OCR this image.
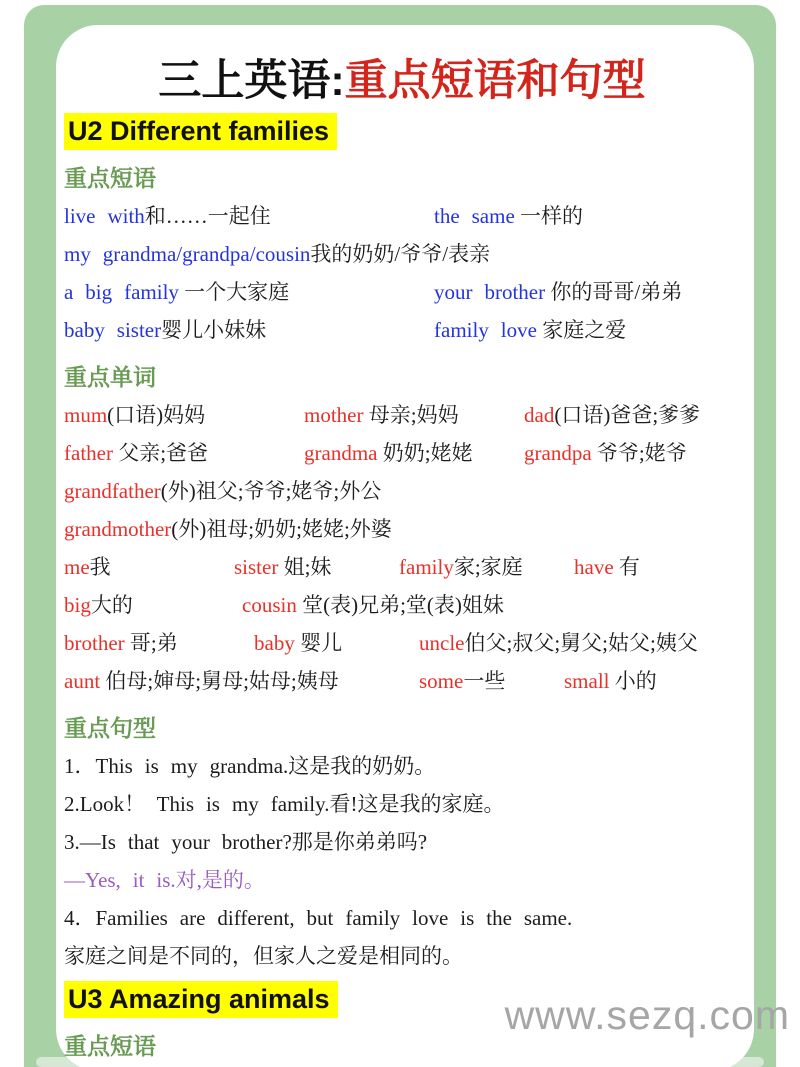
三上英语:重点短语和句型
U2 Different families
重点短语
live with和……一起住	the same 一样的
my grandma/grandpa/cousin我的奶奶/爷爷/表亲
a big family 一个大家庭	your brother 你的哥哥/弟弟
baby sister婴儿小妹妹	family love 家庭之爱
重点单词
mum(口语)妈妈	mother 母亲;妈妈	dad(口语)爸爸;爹爹
father 父亲;爸爸	grandma 奶奶;姥姥	grandpa 爷爷;姥爷
grandfather(外)祖父;爷爷;姥爷;外公
grandmother(外)祖母;奶奶;姥姥;外婆
me我	sister 姐;妹	family家;家庭	have 有
big大的	cousin 堂(表)兄弟;堂(表)姐妹
brother 哥;弟	baby 婴儿	uncle伯父;叔父;舅父;姑父;姨父
aunt 伯母;婶母;舅母;姑母;姨母	some一些	small 小的
重点句型
1．This is my grandma.这是我的奶奶。
2.Look！ This is my family.看!这是我的家庭。
3.—Is that your brother?那是你弟弟吗?
—Yes, it is.对,是的。
4．Families are different, but family love is the same.
家庭之间是不同的，但家人之爱是相同的。
U3 Amazing animals
重点短语
www.sezq.com
